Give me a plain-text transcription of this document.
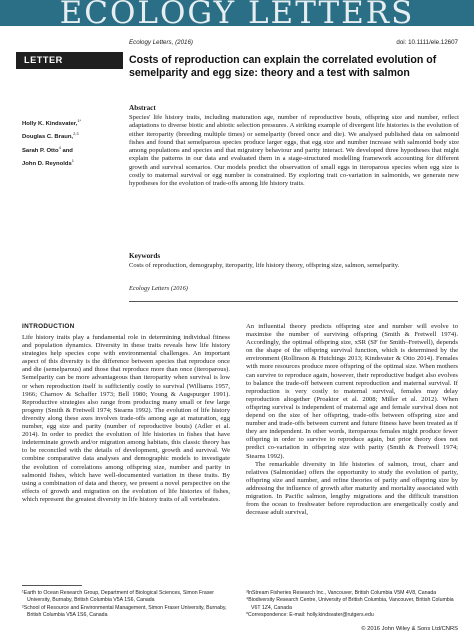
ECOLOGY LETTERS
Ecology Letters, (2016)	doi: 10.1111/ele.12607
LETTER	Costs of reproduction can explain the correlated evolution of semelparity and egg size: theory and a test with salmon
Holly K. Kindsvater,$^{1*}$
Douglas C. Braun,$^{2,3}$
Sarah P. Otto$^4$ and
John D. Reynolds$^1$
Abstract
Species' life history traits, including maturation age, number of reproductive bouts, offspring size and number, reflect adaptations to diverse biotic and abiotic selection pressures. A striking example of divergent life histories is the evolution of either iteroparity (breeding multiple times) or semelparity (breed once and die). We analysed published data on salmonid fishes and found that semelparous species produce larger eggs, that egg size and number increase with salmonid body size among populations and species and that migratory behaviour and parity interact. We developed three hypotheses that might explain the patterns in our data and evaluated them in a stage-structured modelling framework accounting for different growth and survival scenarios. Our models predict the observation of small eggs in iteroparous species when egg size is costly to maternal survival or egg number is constrained. By exploring trait co-variation in salmonids, we generate new hypotheses for the evolution of trade-offs among life history traits.
Keywords
Costs of reproduction, demography, iteroparity, life history theory, offspring size, salmon, semelparity.
Ecology Letters (2016)
INTRODUCTION

Life history traits play a fundamental role in determining individual fitness and population dynamics. Diversity in these traits reveals how life history strategies help species cope with environmental challenges. An important aspect of this diversity is the difference between species that reproduce once and die (semelparous) and those that reproduce more than once (iteroparous). Semelparity can be more advantageous than iteroparity when survival is low or when reproduction itself is sufficiently costly to survival (Williams 1957, 1966; Charnov & Schaffer 1973; Bell 1980; Young & Augspurger 1991). Reproductive strategies also range from producing many small or few large progeny (Smith & Fretwell 1974; Stearns 1992). The evolution of life history diversity along these axes involves trade-offs among age at maturation, egg number, egg size and parity (number of reproductive bouts) (Adler et al. 2014). In order to predict the evolution of life histories in fishes that have indeterminate growth and/or migration among habitats, this classic theory has to be reconciled with the details of development, growth and survival. We combine comparative data analyses and demographic models to investigate the evolution of correlations among offspring size, number and parity in salmonid fishes, which have well-documented variation in these traits. By using a combination of data and theory, we present a novel perspective on the effects of growth and migration on the evolution of life histories of fishes, which represent the greatest diversity in life history traits of all vertebrates.

An influential theory predicts offspring size and number will evolve to maximise the number of surviving offspring (Smith & Fretwell 1974). Accordingly, the optimal offspring size, xSR (SF for Smith–Fretwell), depends on the shape of the offspring survival function, which is determined by the environment (Rollinson & Hutchings 2013; Kindsvater & Otto 2014). Females with more resources produce more offspring of the optimal size. When mothers can survive to reproduce again, however, their reproductive budget also evolves to balance the trade-off between current reproduction and maternal survival. If reproduction is very costly to maternal survival, females may delay reproduction altogether (Proaktor et al. 2008; Miller et al. 2012). When offspring survival is independent of maternal age and female survival does not depend on the size of her offspring, trade-offs between offspring size and number and trade-offs between current and future fitness have been treated as if they are independent. In other words, iteroparous females might produce fewer offspring in order to survive to reproduce again, but prior theory does not predict co-variation in offspring size with parity (Smith & Fretwell 1974; Stearns 1992).

The remarkable diversity in life histories of salmon, trout, charr and relatives (Salmonidae) offers the opportunity to study the evolution of parity, offspring size and number, and refine theories of parity and offspring size by addressing the influence of growth after maturity and mortality associated with migration. In Pacific salmon, lengthy migrations and the difficult transition from the ocean to freshwater before reproduction are energetically costly and decrease adult survival,

¹Earth to Ocean Research Group, Department of Biological Sciences, Simon Fraser University, Burnaby, British Columbia V5A 1S6, Canada

²School of Resource and Environmental Management, Simon Fraser University, Burnaby, British Columbia V5A 1S6, Canada

³InStream Fisheries Research Inc., Vancouver, British Columbia V5M 4V8, Canada

⁴Biodiversity Research Centre, University of British Columbia, Vancouver, British Columbia V6T 1Z4, Canada

*Correspondence: E-mail: holly.kindsvater@rutgers.edu

© 2016 John Wiley & Sons Ltd/CNRS
